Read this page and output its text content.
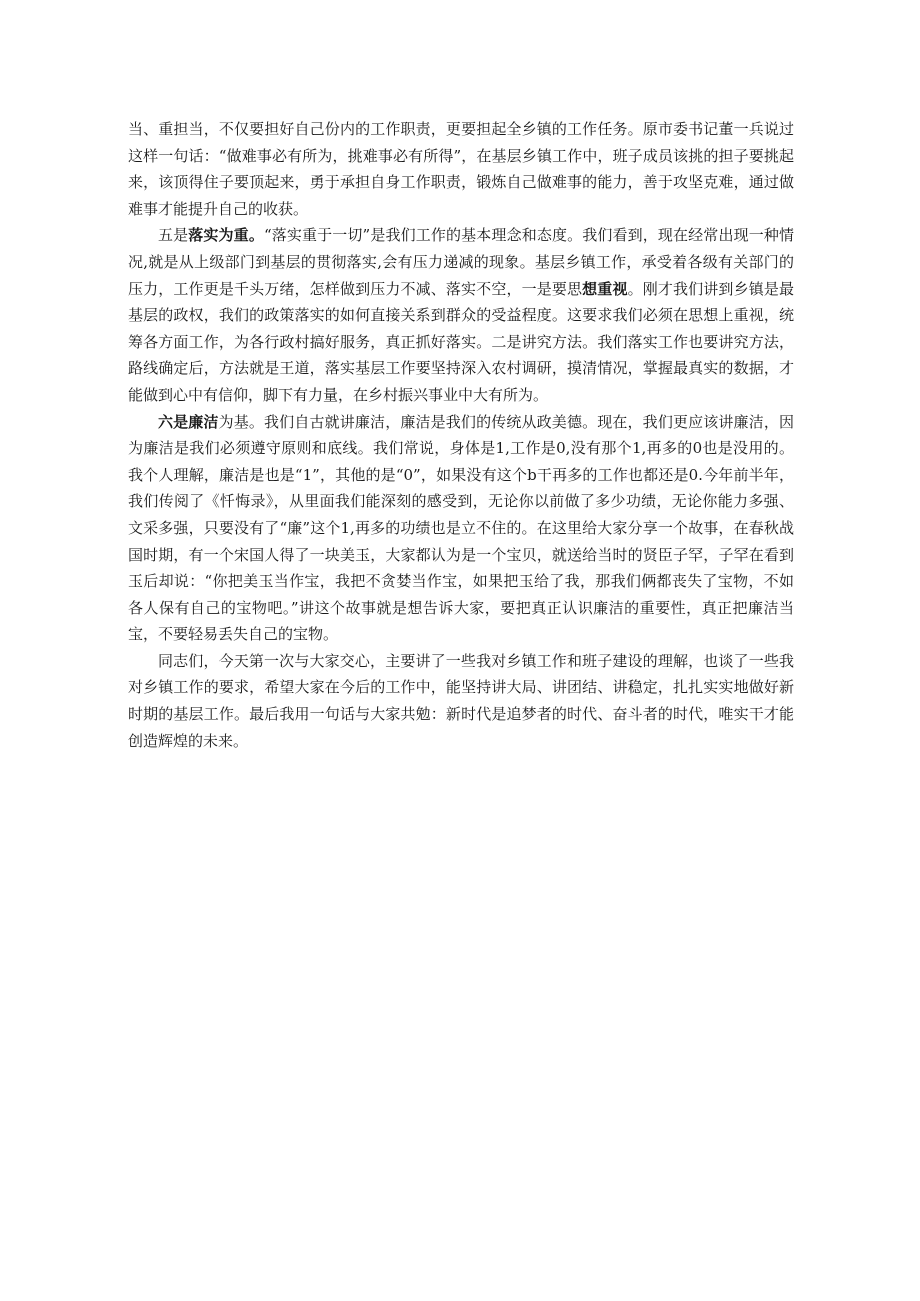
当、重担当，不仅要担好自己份内的工作职责，更要担起全乡镇的工作任务。原市委书记董一兵说过这样一句话：“做难事必有所为，挑难事必有所得”，在基层乡镇工作中，班子成员该挑的担子要挑起来，该顶得住子要顶起来，勇于承担自身工作职责，锻炼自己做难事的能力，善于攻坚克难，通过做难事才能提升自己的收获。

五是落实为重。“落实重于一切”是我们工作的基本理念和态度。我们看到，现在经常出现一种情况,就是从上级部门到基层的贯彻落实,会有压力递减的现象。基层乡镇工作，承受着各级有关部门的压力，工作更是千头万绪，怎样做到压力不减、落实不空，一是要思想重视。刚才我们讲到乡镇是最基层的政权，我们的政策落实的如何直接关系到群众的受益程度。这要求我们必须在思想上重视，统筹各方面工作，为各行政村搞好服务，真正抓好落实。二是讲究方法。我们落实工作也要讲究方法，路线确定后，方法就是王道，落实基层工作要坚持深入农村调研，摸清情况，掌握最真实的数据，才能做到心中有信仰，脚下有力量，在乡村振兴事业中大有所为。

六是廉洁为基。我们自古就讲廉洁，廉洁是我们的传统从政美德。现在，我们更应该讲廉洁，因为廉洁是我们必须遵守原则和底线。我们常说，身体是1,工作是0,没有那个1,再多的0也是没用的。我个人理解，廉洁是也是“1”，其他的是“0”，如果没有这个b干再多的工作也都还是0.今年前半年，我们传阅了《忏悔录》，从里面我们能深刻的感受到，无论你以前做了多少功绩，无论你能力多强、文采多强，只要没有了“廉”这个1,再多的功绩也是立不住的。在这里给大家分享一个故事，在春秋战国时期，有一个宋国人得了一块美玉，大家都认为是一个宝贝，就送给当时的贤臣子罕，子罕在看到玉后却说：“你把美玉当作宝，我把不贪婪当作宝，如果把玉给了我，那我们俩都丧失了宝物，不如各人保有自己的宝物吧。”讲这个故事就是想告诉大家，要把真正认识廉洁的重要性，真正把廉洁当宝，不要轻易丢失自己的宝物。

同志们，今天第一次与大家交心，主要讲了一些我对乡镇工作和班子建设的理解，也谈了一些我对乡镇工作的要求，希望大家在今后的工作中，能坚持讲大局、讲团结、讲稳定，扎扎实实地做好新时期的基层工作。最后我用一句话与大家共勉：新时代是追梦者的时代、奋斗者的时代，唯实干才能创造辉煌的未来。
